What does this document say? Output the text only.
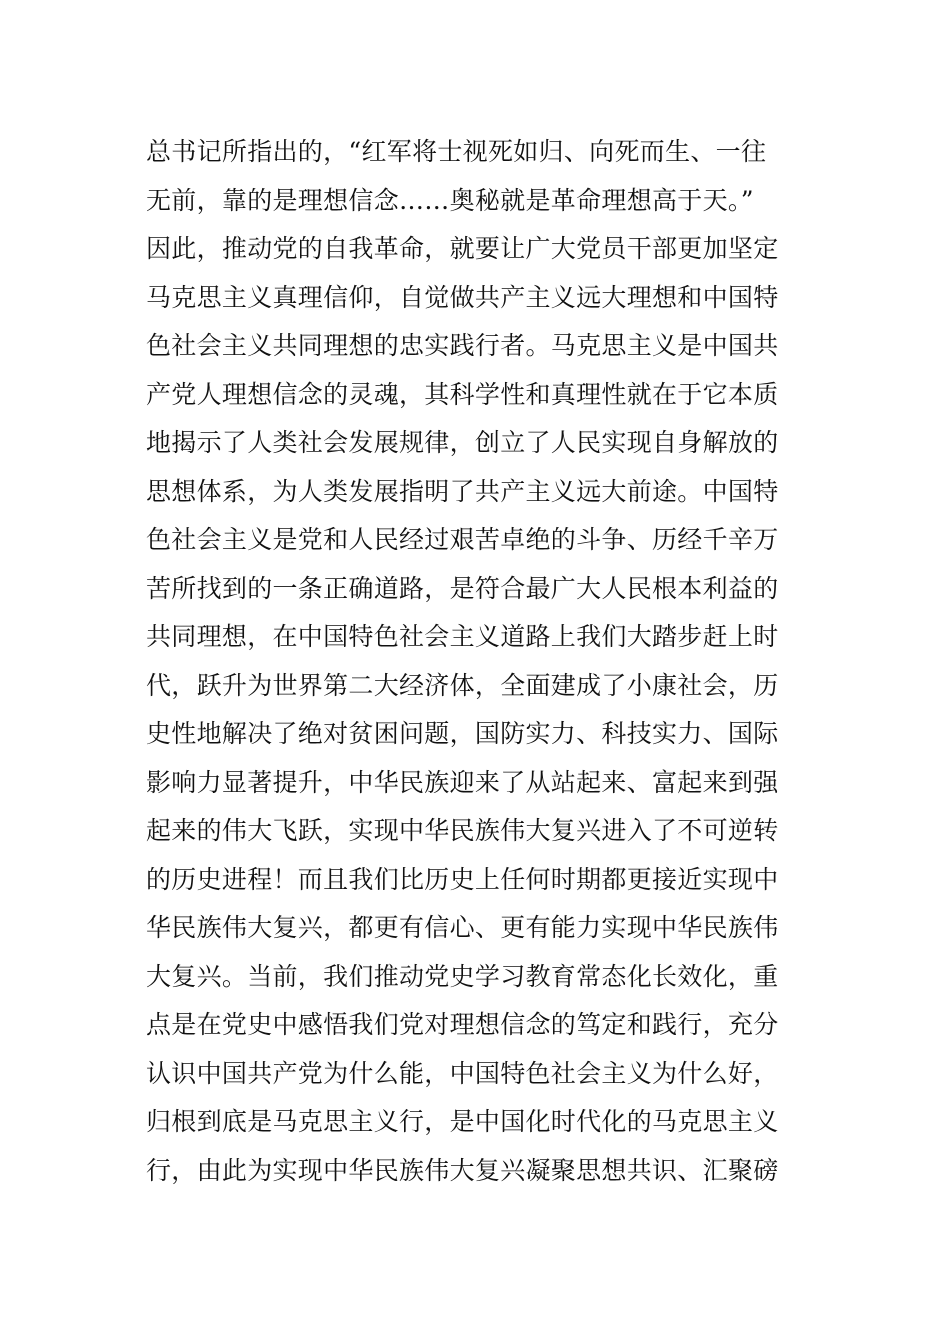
总书记所指出的，“红军将士视死如归、向死而生、一往
无前，靠的是理想信念……奥秘就是革命理想高于天。”
因此，推动党的自我革命，就要让广大党员干部更加坚定
马克思主义真理信仰，自觉做共产主义远大理想和中国特
色社会主义共同理想的忠实践行者。马克思主义是中国共
产党人理想信念的灵魂，其科学性和真理性就在于它本质
地揭示了人类社会发展规律，创立了人民实现自身解放的
思想体系，为人类发展指明了共产主义远大前途。中国特
色社会主义是党和人民经过艰苦卓绝的斗争、历经千辛万
苦所找到的一条正确道路，是符合最广大人民根本利益的
共同理想，在中国特色社会主义道路上我们大踏步赶上时
代，跃升为世界第二大经济体，全面建成了小康社会，历
史性地解决了绝对贫困问题，国防实力、科技实力、国际
影响力显著提升，中华民族迎来了从站起来、富起来到强
起来的伟大飞跃，实现中华民族伟大复兴进入了不可逆转
的历史进程！而且我们比历史上任何时期都更接近实现中
华民族伟大复兴，都更有信心、更有能力实现中华民族伟
大复兴。当前，我们推动党史学习教育常态化长效化，重
点是在党史中感悟我们党对理想信念的笃定和践行，充分
认识中国共产党为什么能，中国特色社会主义为什么好，
归根到底是马克思主义行，是中国化时代化的马克思主义
行，由此为实现中华民族伟大复兴凝聚思想共识、汇聚磅
